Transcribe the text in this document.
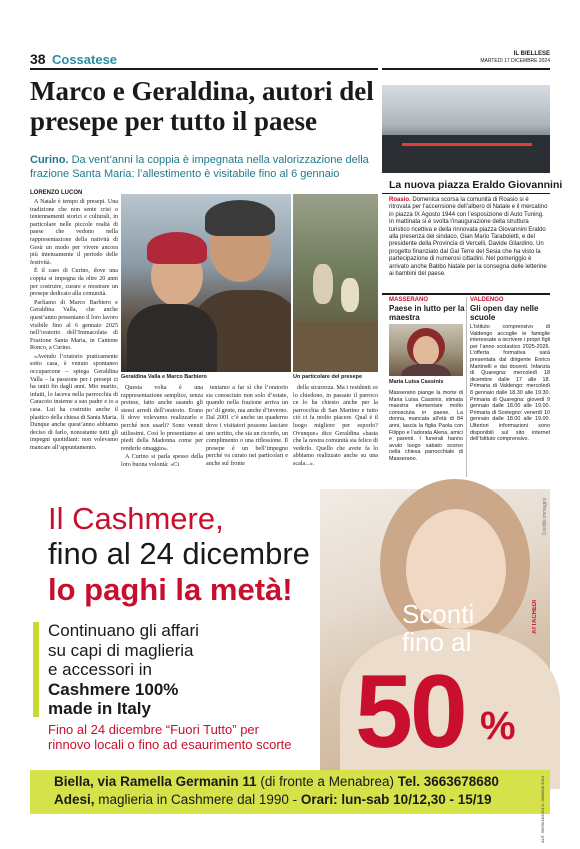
38 Cossatese	IL BIELLESE
MARTEDÌ 17 DICEMBRE 2024
Marco e Geraldina, autori del presepe per tutto il paese
Curino. Da vent’anni la coppia è impegnata nella valorizzazione della frazione Santa Maria: l’allestimento è visitabile fino al 6 gennaio
LORENZO LUCON

A Natale è tempo di presepi. Una tradizione che non sente crisi o tentennamenti storici e culturali, in particolare nelle piccole realtà di paese che vedono nella rappresentazione della natività di Gesù un modo per vivere ancora più intensamente il periodo delle festività.

È il caso di Curino, dove una coppia si impegna da oltre 20 anni per costruire, curare e mostrare un presepe dedicato alla comunità.

Parliamo di Marco Barbiero e Geraldina Valla, che anche quest’anno presentano il loro lavoro visibile fino al 6 gennaio 2025 nell’oratorio dell’Immacolata di Frazione Santa Maria, in Cantone Ronco, a Curino.

«Avendo l’oratorio praticamente sotto casa, è venuto spontaneo occuparcene – spiega Geraldina Valla – la passione per i presepi ci ha uniti fin dagli anni. Mio marito, infatti, lo faceva nella parrocchia di Caracoto insieme a suo padre e io a casa. Lui ha costruito anche il plastico della chiesa di Santa Maria. Dunque anche quest’anno abbiamo deciso di farlo, nonostante tutti gli impegni quotidiani: non volevamo mancare all’appuntamento.

Geraldina Valla e Marco Barbiero	Un particolare del presepe

Questa volta è una rappresentazione semplice, senza pretese, fatto anche usando gli stessi arredi dell’oratorio. Erano lì dove volevamo realizzarlo e perché non usarli? Sono venuti utilissimi. Così lo presentiamo ai piedi della Madonna come per renderle omaggio».

A Curino si parla spesso della loro buona volontà: «Ci

teniamo a far sì che l’oratorio sia conosciuto non solo d’estate, quando nella frazione arriva un po’ di gente, ma anche d’inverno. Dal 2001 c’è anche un quaderno dove i visitatori possono lasciare uno scritto, che sia un ricordo, un complimento o una riflessione. Il presepe è un bell’impegno perché va curato nei particolari e anche sul fronte

della sicurezza. Ma i residenti ce lo chiedono, in passato il parroco ce lo ha chiesto anche per la parrocchia di San Martino e tutto ciò ci fa molto piacere. Qual è il luogo migliore per esporlo? Ovunque» dice Geraldina «basta che la nostra comunità sia felice di vederlo. Quello che avete fa lo abbiamo realizzato anche su una scala...».

La nuova piazza Eraldo Giovannini
Roasio. Domenica scorsa la comunità di Roasio si è ritrovata per l’accensione dell’albero di Natale e il mercatino in piazza IX Agosto 1944 con l’esposizione di Auto Tuning. In mattinata si è svolta l’inaugurazione della struttura turistico ricettiva e della rinnovata piazza Giovannini Eraldo alla presenza del sindaco, Gian Mario Taraboletti, e del presidente della Provincia di Vercelli, Davide Gilardino. Un progetto finanziato dal Gal Terre del Sesia che ha visto la partecipazione di numerosi cittadini. Nel pomeriggio è arrivato anche Babbo Natale per la consegna delle letterine ai bambini del paese.
MASSERANO
Paese in lutto per la maestra
Maria Luisa Cassinis
Masserano piange la morte di Maria Luisa Cassinis, stimata maestra elementare molto conosciuta in paese. La donna, mancata all’età di 84 anni, lascia la figlia Paola con Filippo e l’adorata Alena, amici e parenti. I funerali hanno avuto luogo sabato scorso nella chiesa parrocchiale di Masserano.
VALDENGO
Gli open day nelle scuole
L’Istituto comprensivo di Valdengo accoglie le famiglie interessate a iscrivere i propri figli per l’anno scolastico 2025-2026. L’offerta formativa sarà presentata dal dirigente Enrico Martinelli e dai docenti. Infanzia di Quaregna: mercoledì 18 dicembre dalle 17 alle 18. Primaria di Valdengo: mercoledì 8 gennaio dalle 18.30 alle 19.30. Primaria di Quaregna: giovedì 9 gennaio dalle 18.00 alle 19.00. Primaria di Sostegno: venerdì 10 gennaio dalle 18.00 alle 19.00. Ulteriori informazioni sono disponibili sul sito internet dell’Istituto comprensivo.
Il Cashmere,
fino al 24 dicembre
lo paghi la metà!
Continuano gli affari
su capi di maglieria
e accessori in
Cashmere 100%
made in Italy
Fino al 24 dicembre “Fuori Tutto” per
rinnovo locali o fino ad esaurimento scorte
Sconti
fino al
50 %
ATTACHEDI
Credits immagini
Biella, via Ramella Germanin 11 (di fronte a Menabrea) Tel. 3663678680
Adesi, maglieria in Cashmere dal 1990 - Orari: lun-sab 10/12,30 - 15/19	AUT. 99/09/11/2024 N. 0000000 2024
